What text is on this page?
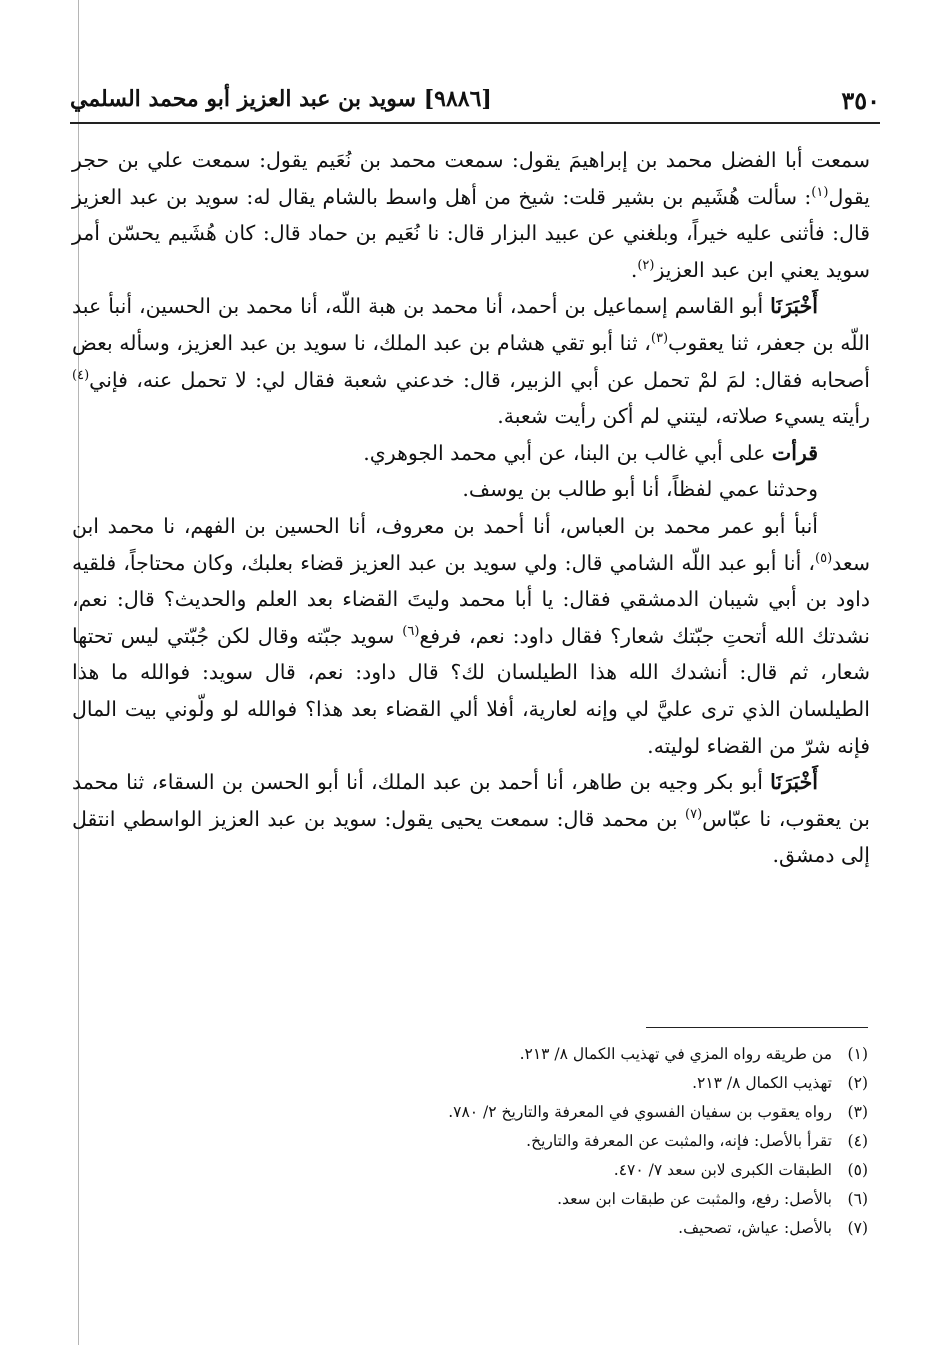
٣٥٠
[٩٨٨٦] سويد بن عبد العزيز أبو محمد السلمي

سمعت أبا الفضل محمد بن إبراهيمَ يقول: سمعت محمد بن نُعَيم يقول: سمعت علي بن حجر يقول$^{(١)}$: سألت هُشَيم بن بشير قلت: شيخ من أهل واسط بالشام يقال له: سويد بن عبد العزيز قال: فأثنى عليه خيراً، وبلغني عن عبيد البزار قال: نا نُعَيم بن حماد قال: كان هُشَيم يحسّن أمر سويد يعني ابن عبد العزيز$^{(٢)}$.

أَخْبَرَنَا أبو القاسم إسماعيل بن أحمد، أنا محمد بن هبة اللّه، أنا محمد بن الحسين، أنبأ عبد اللّه بن جعفر، ثنا يعقوب$^{(٣)}$، ثنا أبو تقي هشام بن عبد الملك، نا سويد بن عبد العزيز، وسأله بعض أصحابه فقال: لمَ لمْ تحمل عن أبي الزبير، قال: خدعني شعبة فقال لي: لا تحمل عنه، فإني$^{(٤)}$ رأيته يسيء صلاته، ليتني لم أكن رأيت شعبة.

قرأت على أبي غالب بن البنا، عن أبي محمد الجوهري.

وحدثنا عمي لفظاً، أنا أبو طالب بن يوسف.

أنبأ أبو عمر محمد بن العباس، أنا أحمد بن معروف، أنا الحسين بن الفهم، نا محمد ابن سعد$^{(٥)}$، أنا أبو عبد اللّه الشامي قال: ولي سويد بن عبد العزيز قضاء بعلبك، وكان محتاجاً، فلقيه داود بن أبي شيبان الدمشقي فقال: يا أبا محمد وليتَ القضاء بعد العلم والحديث؟ قال: نعم، نشدتك الله أتحتِ جبّتك شعار؟ فقال داود: نعم، فرفع$^{(٦)}$ سويد جبّته وقال لكن جُبّتي ليس تحتها شعار، ثم قال: أنشدك الله هذا الطيلسان لك؟ قال داود: نعم، قال سويد: فوالله ما هذا الطيلسان الذي ترى عليَّ لي وإنه لعارية، أفلا ألي القضاء بعد هذا؟ فوالله لو ولّوني بيت المال فإنه شرّ من القضاء لوليته.

أَخْبَرَنَا أبو بكر وجيه بن طاهر، أنا أحمد بن عبد الملك، أنا أبو الحسن بن السقاء، ثنا محمد بن يعقوب، نا عبّاس$^{(٧)}$ بن محمد قال: سمعت يحيى يقول: سويد بن عبد العزيز الواسطي انتقل إلى دمشق.

(١)من طريقه رواه المزي في تهذيب الكمال ٨/ ٢١٣.
(٢)تهذيب الكمال ٨/ ٢١٣.
(٣)رواه يعقوب بن سفيان الفسوي في المعرفة والتاريخ ٢/ ٧٨٠.
(٤)تقرأ بالأصل: فإنه، والمثبت عن المعرفة والتاريخ.
(٥)الطبقات الكبرى لابن سعد ٧/ ٤٧٠.
(٦)بالأصل: رفع، والمثبت عن طبقات ابن سعد.
(٧)بالأصل: عياش، تصحيف.
